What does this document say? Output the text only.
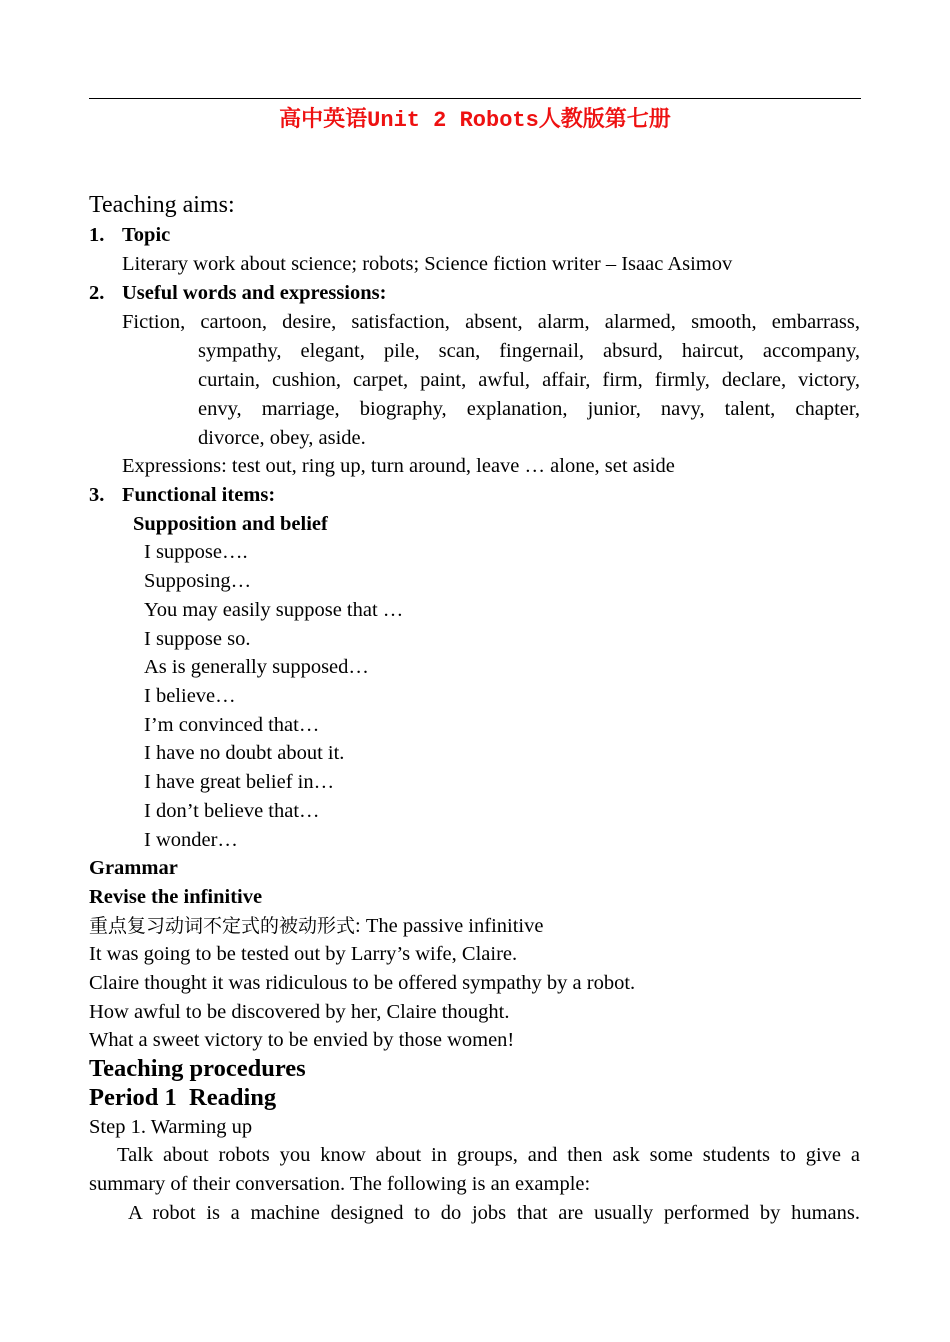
高中英语Unit 2 Robots人教版第七册
Teaching aims:
1. Topic
Literary work about science; robots; Science fiction writer – Isaac Asimov
2. Useful words and expressions:
Fiction, cartoon, desire, satisfaction, absent, alarm, alarmed, smooth, embarrass,
sympathy, elegant, pile, scan, fingernail, absurd, haircut, accompany,
curtain, cushion, carpet, paint, awful, affair, firm, firmly, declare, victory,
envy, marriage, biography, explanation, junior, navy, talent, chapter,
divorce, obey, aside.
Expressions: test out, ring up, turn around, leave … alone, set aside
3. Functional items:
Supposition and belief
I suppose….
Supposing…
You may easily suppose that …
I suppose so.
As is generally supposed…
I believe…
I’m convinced that…
I have no doubt about it.
I have great belief in…
I don’t believe that…
I wonder…
Grammar
Revise the infinitive
重点复习动词不定式的被动形式: The passive infinitive
It was going to be tested out by Larry’s wife, Claire.
Claire thought it was ridiculous to be offered sympathy by a robot.
How awful to be discovered by her, Claire thought.
What a sweet victory to be envied by those women!
Teaching procedures
Period 1  Reading
Step 1. Warming up
Talk about robots you know about in groups, and then ask some students to give a
summary of their conversation. The following is an example:
A robot is a machine designed to do jobs that are usually performed by humans.
